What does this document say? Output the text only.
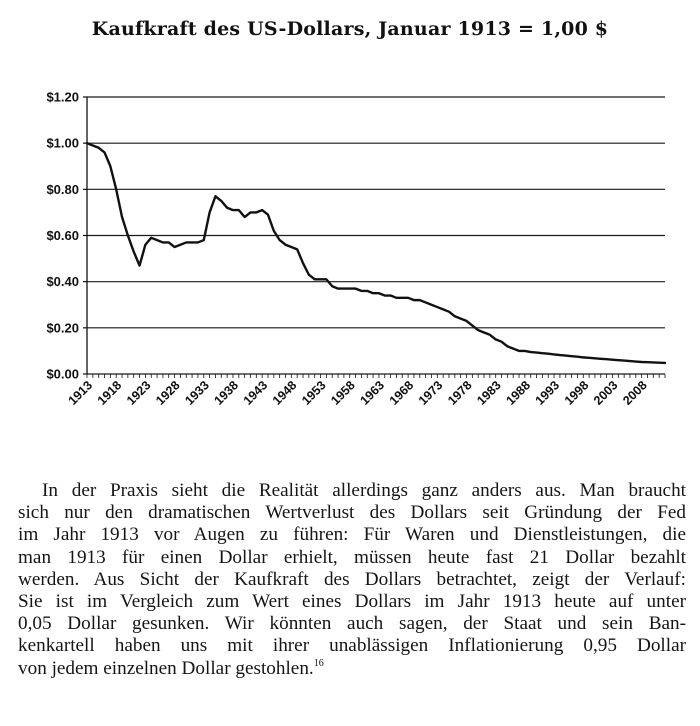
Kaufkraft des US-Dollars, Januar 1913 = 1,00 $
$1.20
$1.00
$0.80
$0.60
$0.40
$0.20
$0.00
1913 1918 1923 1928 1933 1938 1943 1948 1953 1958 1963 1968 1973 1978 1983 1988 1993 1998 2003 2008
In der Praxis sieht die Realität allerdings ganz anders aus. Man braucht
sich nur den dramatischen Wertverlust des Dollars seit Gründung der Fed
im Jahr 1913 vor Augen zu führen: Für Waren und Dienstleistungen, die
man 1913 für einen Dollar erhielt, müssen heute fast 21 Dollar bezahlt
werden. Aus Sicht der Kaufkraft des Dollars betrachtet, zeigt der Verlauf:
Sie ist im Vergleich zum Wert eines Dollars im Jahr 1913 heute auf unter
0,05 Dollar gesunken. Wir könnten auch sagen, der Staat und sein Ban-
kenkartell haben uns mit ihrer unablässigen Inflationierung 0,95 Dollar
von jedem einzelnen Dollar gestohlen.$^{16}$
